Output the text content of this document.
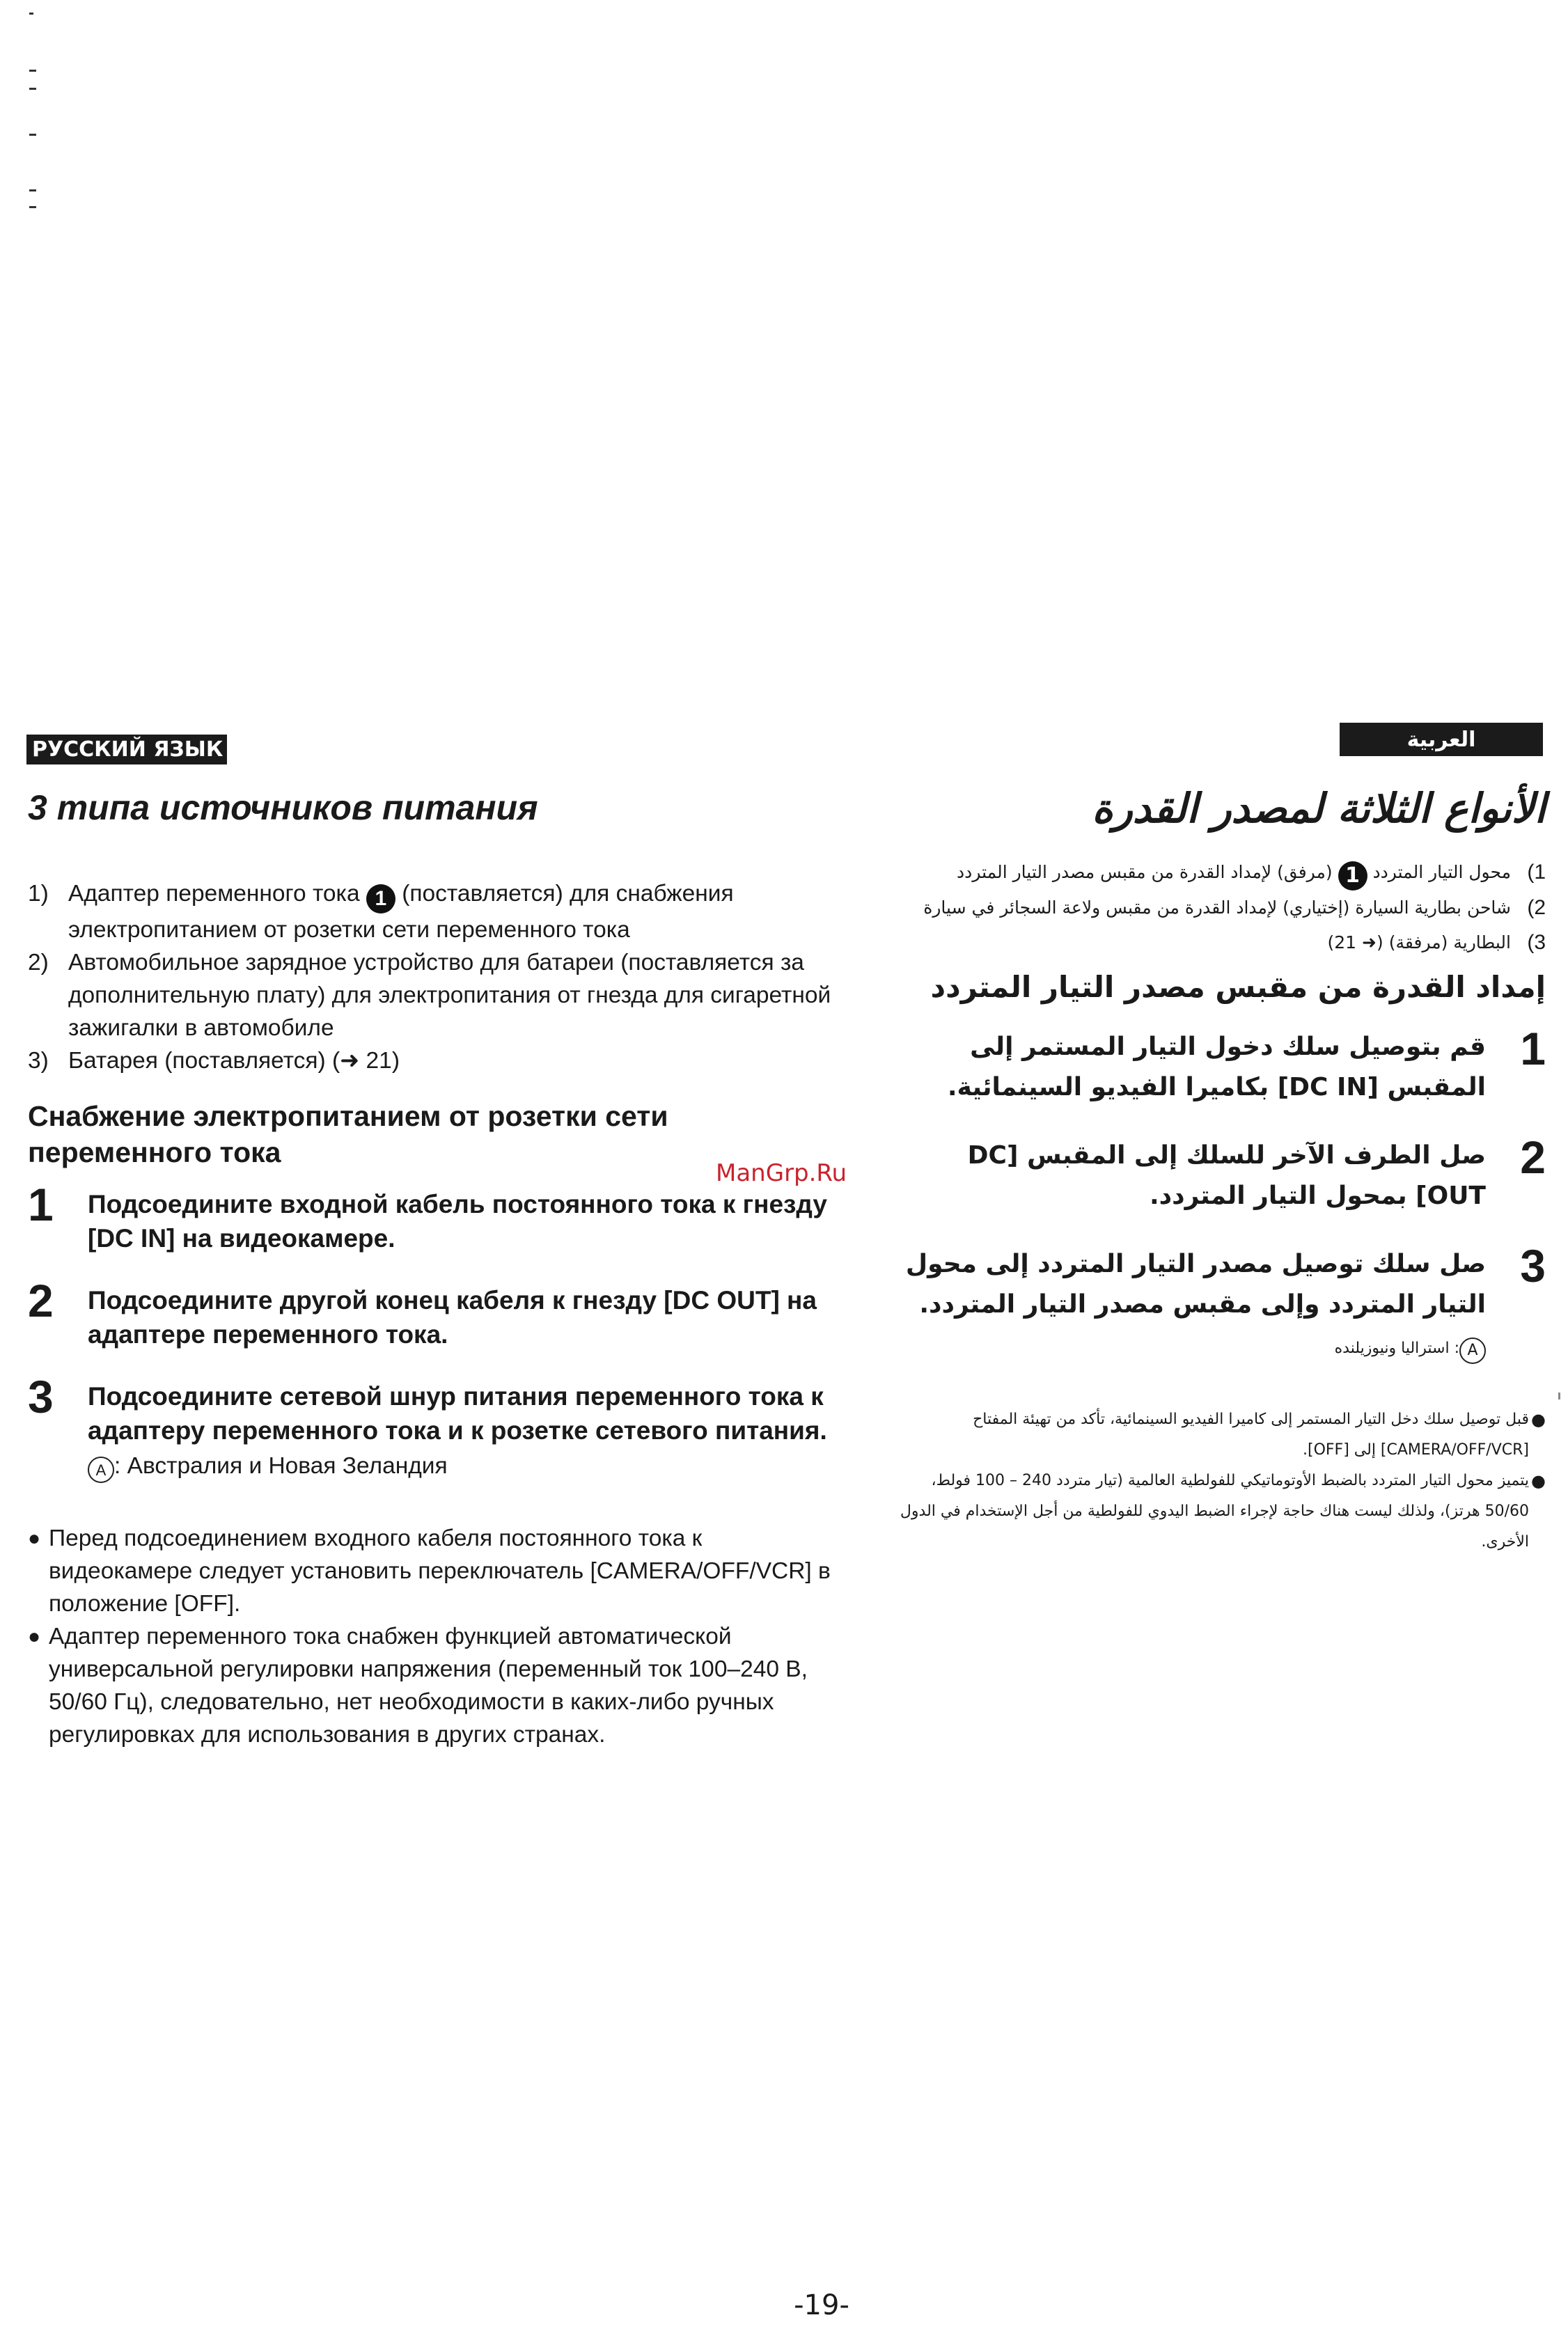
РУССКИЙ ЯЗЫК	العربية
3 типа источников питания
1) Адаптер переменного тока 1 (поставляется) для снабжения электропитанием от розетки сети переменного тока
2) Автомобильное зарядное устройство для батареи (поставляется за дополнительную плату) для электропитания от гнезда для сигаретной зажигалки в автомобиле
3) Батарея (поставляется) (➜ 21)
Снабжение электропитанием от розетки сети переменного тока
1	Подсоедините входной кабель постоянного тока к гнезду [DC IN] на видеокамере.
2	Подсоедините другой конец кабеля к гнезду [DC OUT] на адаптере переменного тока.
3	Подсоедините сетевой шнур питания переменного тока к адаптеру переменного тока и к розетке сетевого питания.
A : Австралия и Новая Зеландия
● Перед подсоединением входного кабеля постоянного тока к видеокамере следует установить переключатель [CAMERA/OFF/VCR] в положение [OFF].
● Адаптер переменного тока снабжен функцией автоматической универсальной регулировки напряжения (переменный ток 100–240 В, 50/60 Гц), следовательно, нет необходимости в каких-либо ручных регулировках для использования в других странах.
الأنواع الثلاثة لمصدر القدرة
1)
محول التيار المتردد 1 (مرفق) لإمداد القدرة من مقبس مصدر التيار المتردد
2)
شاحن بطارية السيارة (إختياري) لإمداد القدرة من مقبس ولاعة السجائر في سيارة
3)
البطارية (مرفقة) (➜ 21)
إمداد القدرة من مقبس مصدر التيار المتردد
1
قم بتوصيل سلك دخول التيار المستمر إلى المقبس [DC IN] بكاميرا الفيديو السينمائية.
2
صل الطرف الآخر للسلك إلى المقبس [DC OUT] بمحول التيار المتردد.
3
صل سلك توصيل مصدر التيار المتردد إلى محول التيار المتردد وإلى مقبس مصدر التيار المتردد.
A: استراليا ونيوزيلنده
●
قبل توصيل سلك دخل التيار المستمر إلى كاميرا الفيديو السينمائية، تأكد من تهيئة المفتاح [CAMERA/OFF/VCR] إلى [OFF].
●
يتميز محول التيار المتردد بالضبط الأوتوماتيكي للفولطية العالمية (تيار متردد 240 – 100 فولط، 50/60 هرتز)، ولذلك ليست هناك حاجة لإجراء الضبط اليدوي للفولطية من أجل الإستخدام في الدول الأخرى.
ManGrp.Ru
-19-
